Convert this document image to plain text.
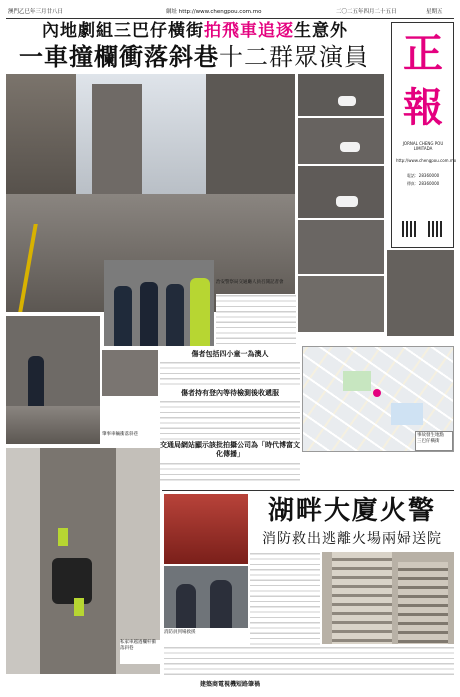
澳門乙巳年三月廿八日	網址 http://www.chengpou.com.mo	二〇二五年四月二十五日	星期五
內地劇組三巴仔橫街拍飛車追逐生意外
一車撞欄衝落斜巷十二群眾演員 正
報
JORNAL CHENG POU LIMITADA
http://www.chengpou.com.mo
電話：28360000
傳真：28360000
治安警察局交通廳人員召開記者會
肇事車輛衝落斜巷
傷者包括四小童一為澳人
傷者持有登內等待檢測後收遞服
交通局網站顯示該批拍攝公司為「時代博富文化傳播」
事故發生地點
三巴仔橫街
私家車越過欄杆衝落斜巷
湖畔大廈火警
消防救出逃離火場兩婦送院
消防員到場救援
建築商電視機短路肇禍
